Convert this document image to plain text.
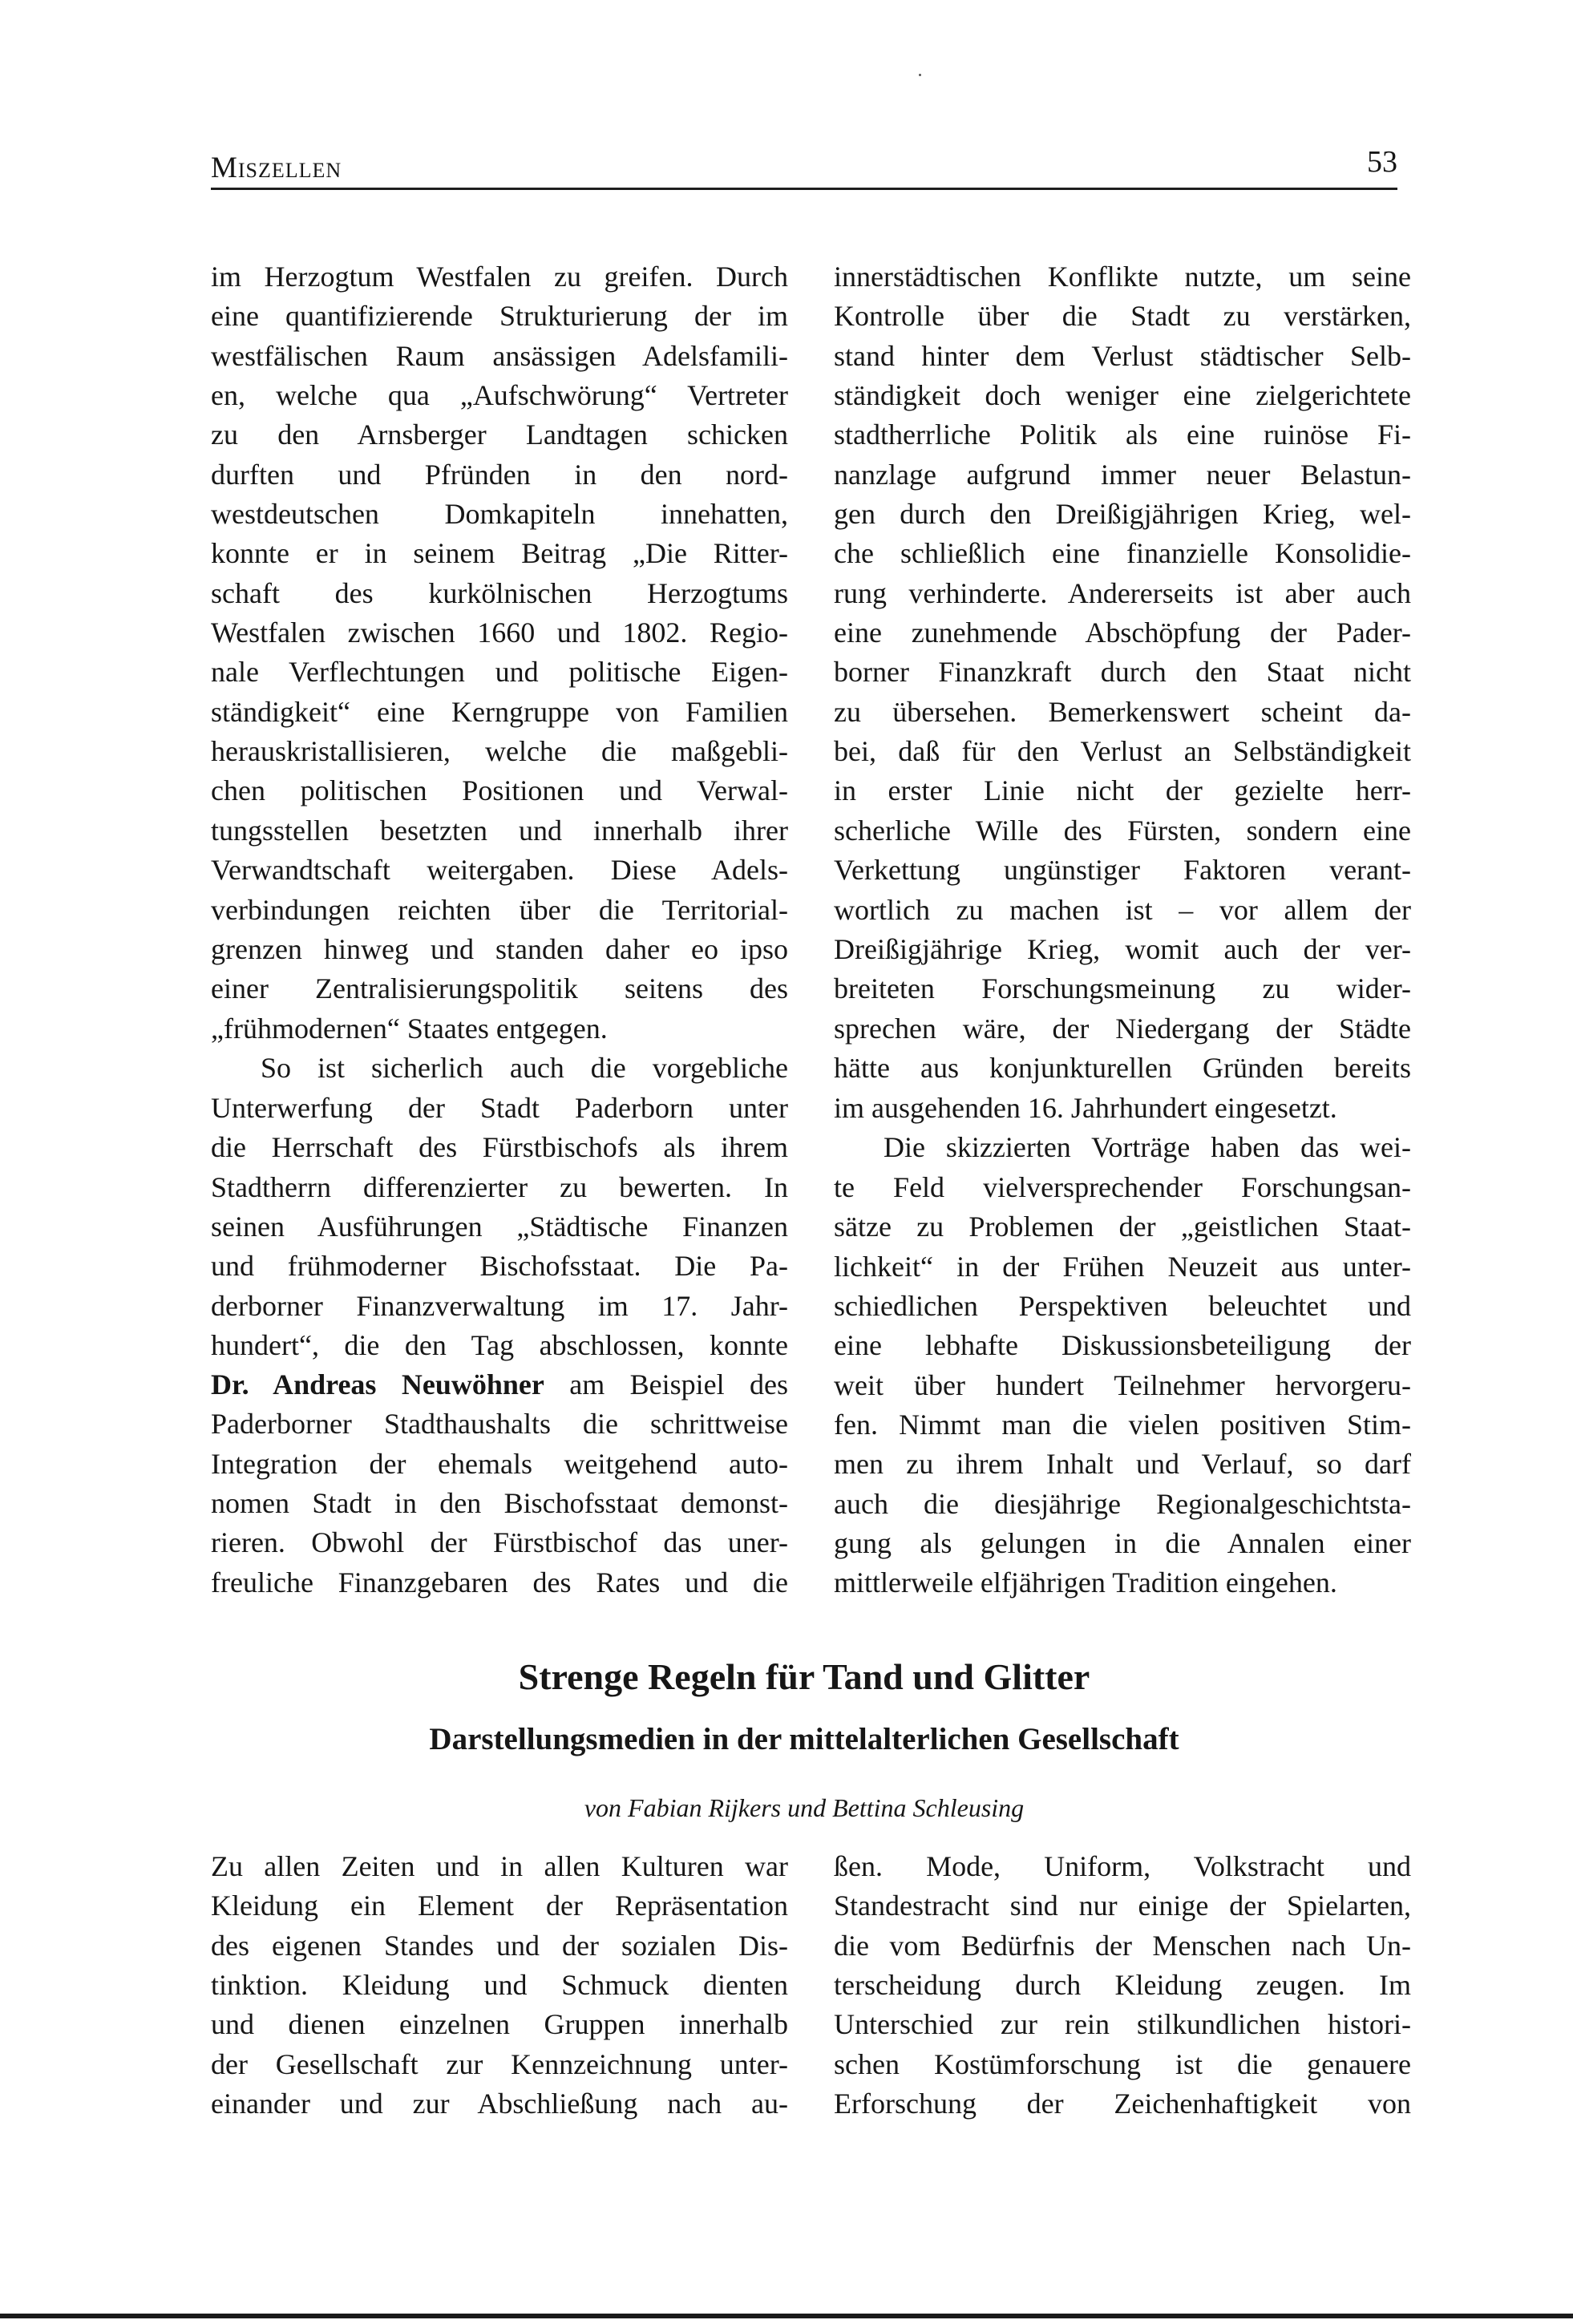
Miszellen	53

im Herzogtum Westfalen zu greifen. Durch
eine quantifizierende Strukturierung der im
westfälischen Raum ansässigen Adelsfamili-
en, welche qua „Aufschwörung“ Vertreter
zu den Arnsberger Landtagen schicken
durften und Pfründen in den nord-
westdeutschen Domkapiteln innehatten,
konnte er in seinem Beitrag „Die Ritter-
schaft des kurkölnischen Herzogtums
Westfalen zwischen 1660 und 1802. Regio-
nale Verflechtungen und politische Eigen-
ständigkeit“ eine Kerngruppe von Familien
herauskristallisieren, welche die maßgebli-
chen politischen Positionen und Verwal-
tungsstellen besetzten und innerhalb ihrer
Verwandtschaft weitergaben. Diese Adels-
verbindungen reichten über die Territorial-
grenzen hinweg und standen daher eo ipso
einer Zentralisierungspolitik seitens des

„frühmodernen“ Staates entgegen.

So ist sicherlich auch die vorgebliche

Unterwerfung der Stadt Paderborn unter
die Herrschaft des Fürstbischofs als ihrem
Stadtherrn differenzierter zu bewerten. In
seinen Ausführungen „Städtische Finanzen
und frühmoderner Bischofsstaat. Die Pa-
derborner Finanzverwaltung im 17. Jahr-
hundert“, die den Tag abschlossen, konnte

Dr. Andreas Neuwöhner am Beispiel des
Paderborner Stadthaushalts die schrittweise
Integration der ehemals weitgehend auto-
nomen Stadt in den Bischofsstaat demonst-
rieren. Obwohl der Fürstbischof das uner-
freuliche Finanzgebaren des Rates und die

innerstädtischen Konflikte nutzte, um seine
Kontrolle über die Stadt zu verstärken,
stand hinter dem Verlust städtischer Selb-
ständigkeit doch weniger eine zielgerichtete
stadtherrliche Politik als eine ruinöse Fi-
nanzlage aufgrund immer neuer Belastun-
gen durch den Dreißigjährigen Krieg, wel-
che schließlich eine finanzielle Konsolidie-
rung verhinderte. Andererseits ist aber auch
eine zunehmende Abschöpfung der Pader-
borner Finanzkraft durch den Staat nicht
zu übersehen. Bemerkenswert scheint da-
bei, daß für den Verlust an Selbständigkeit
in erster Linie nicht der gezielte herr-
scherliche Wille des Fürsten, sondern eine
Verkettung ungünstiger Faktoren verant-
wortlich zu machen ist – vor allem der
Dreißigjährige Krieg, womit auch der ver-
breiteten Forschungsmeinung zu wider-
sprechen wäre, der Niedergang der Städte
hätte aus konjunkturellen Gründen bereits

im ausgehenden 16. Jahrhundert eingesetzt.

Die skizzierten Vorträge haben das wei-

te Feld vielversprechender Forschungsan-
sätze zu Problemen der „geistlichen Staat-
lichkeit“ in der Frühen Neuzeit aus unter-
schiedlichen Perspektiven beleuchtet und
eine lebhafte Diskussionsbeteiligung der
weit über hundert Teilnehmer hervorgeru-
fen. Nimmt man die vielen positiven Stim-
men zu ihrem Inhalt und Verlauf, so darf
auch die diesjährige Regionalgeschichtsta-
gung als gelungen in die Annalen einer

mittlerweile elfjährigen Tradition eingehen.

Strenge Regeln für Tand und Glitter
Darstellungsmedien in der mittelalterlichen Gesellschaft

von Fabian Rijkers und Bettina Schleusing

Zu allen Zeiten und in allen Kulturen war
Kleidung ein Element der Repräsentation
des eigenen Standes und der sozialen Dis-
tinktion. Kleidung und Schmuck dienten
und dienen einzelnen Gruppen innerhalb
der Gesellschaft zur Kennzeichnung unter-
einander und zur Abschließung nach au-

ßen. Mode, Uniform, Volkstracht und
Standestracht sind nur einige der Spielarten,
die vom Bedürfnis der Menschen nach Un-
terscheidung durch Kleidung zeugen. Im
Unterschied zur rein stilkundlichen histori-
schen Kostümforschung ist die genauere
Erforschung der Zeichenhaftigkeit von
